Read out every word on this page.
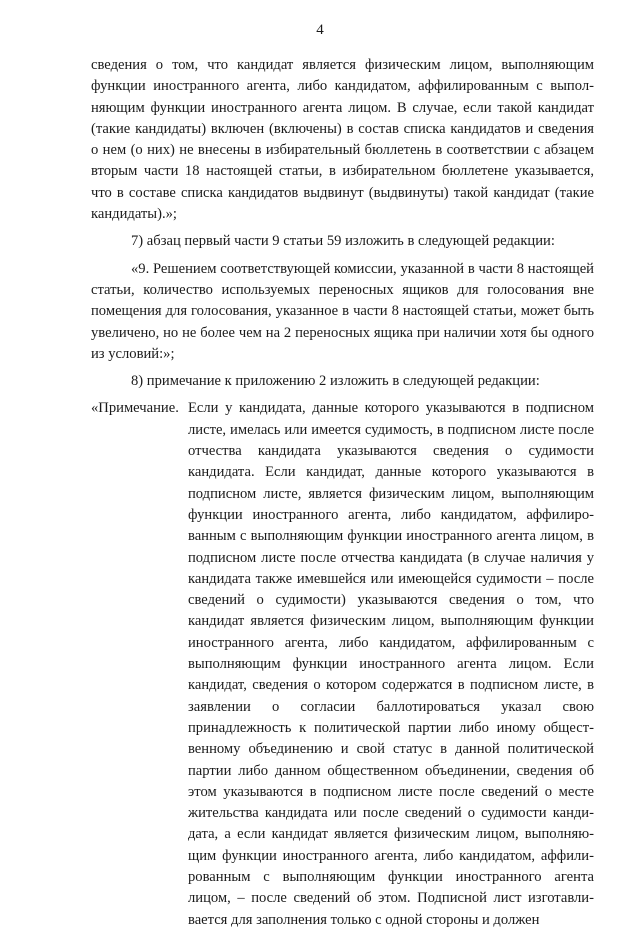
4

сведения о том, что кандидат является физическим лицом, выполняющим функции иностранного агента, либо кандидатом, аффилированным с выполняющим функции иностранного агента лицом. В случае, если такой кандидат (такие кандидаты) включен (включены) в состав списка кандидатов и сведения о нем (о них) не внесены в избирательный бюллетень в соответствии с абзацем вторым части 18 настоящей статьи, в избирательном бюллетене указывается, что в составе списка кандидатов выдвинут (выдвинуты) такой кандидат (такие кандидаты).»;

7) абзац первый части 9 статьи 59 изложить в следующей редакции:

«9. Решением соответствующей комиссии, указанной в части 8 настоящей статьи, количество используемых переносных ящиков для голосования вне помещения для голосования, указанное в части 8 настоящей статьи, может быть увеличено, но не более чем на 2 переносных ящика при наличии хотя бы одного из условий:»;

8) примечание к приложению 2 изложить в следующей редакции:

«Примечание. Если у кандидата, данные которого указываются в подписном листе, имелась или имеется судимость, в подписном листе после отчества кандидата указываются сведения о судимости кандидата. Если кандидат, данные которого указываются в подписном листе, является физическим лицом, выполняющим функции иностранного агента, либо кандидатом, аффилированным с выполняющим функции иностранного агента лицом, в подписном листе после отчества кандидата (в случае наличия у кандидата также имевшейся или имеющейся судимости – после сведений о судимости) указываются сведения о том, что кандидат является физическим лицом, выполняющим функции иностранного агента, либо кандидатом, аффилированным с выполняющим функции иностранного агента лицом. Если кандидат, сведения о котором содержатся в подписном листе, в заявлении о согласии баллотироваться указал свою принадлежность к политической партии либо иному общественному объединению и свой статус в данной политической партии либо данном общественном объединении, сведения об этом указываются в подписном листе после сведений о месте жительства кандидата или после сведений о судимости кандидата, а если кандидат является физическим лицом, выполняющим функции иностранного агента, либо кандидатом, аффилированным с выполняющим функции иностранного агента лицом, – после сведений об этом. Подписной лист изготавливается для заполнения только с одной стороны и должен
